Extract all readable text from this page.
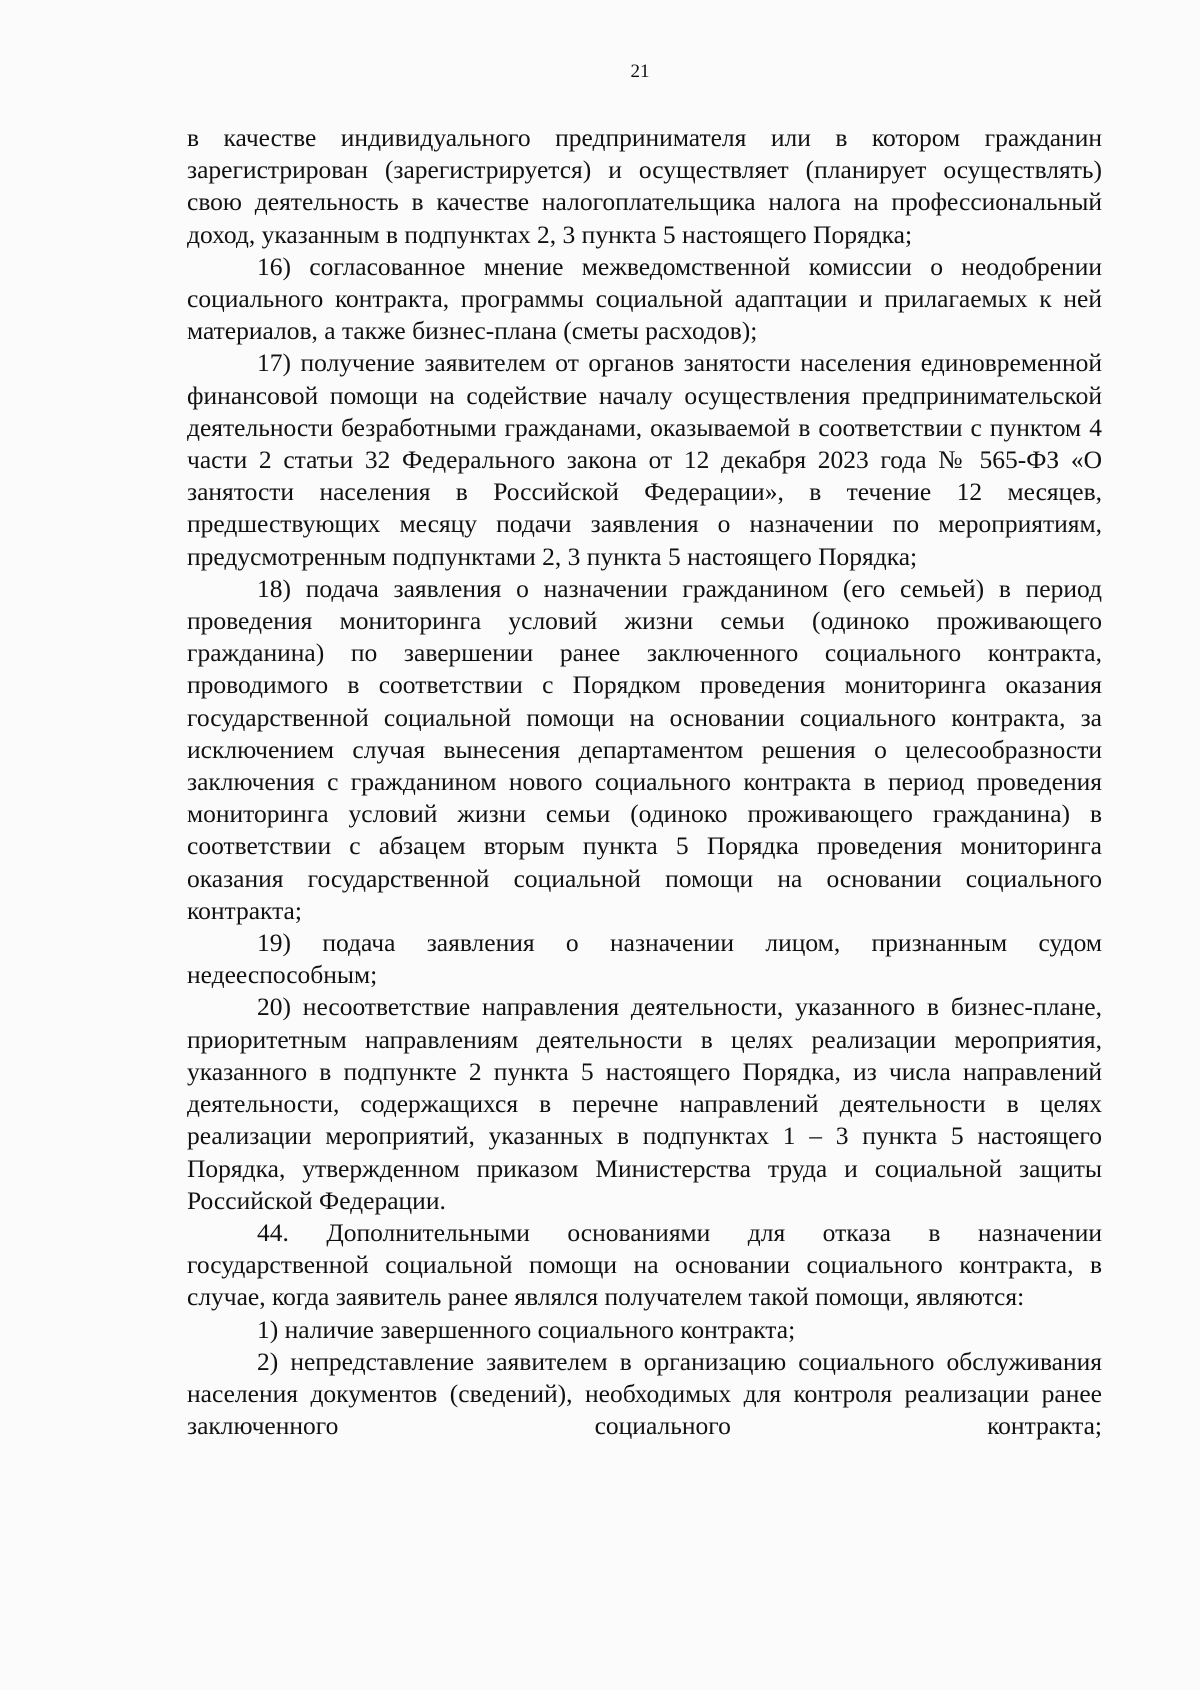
21

в качестве индивидуального предпринимателя или в котором гражданин зарегистрирован (зарегистрируется) и осуществляет (планирует осуществлять) свою деятельность в качестве налогоплательщика налога на профессиональный доход, указанным в подпунктах 2, 3 пункта 5 настоящего Порядка;

16) согласованное мнение межведомственной комиссии о неодобрении социального контракта, программы социальной адаптации и прилагаемых к ней материалов, а также бизнес-плана (сметы расходов);

17) получение заявителем от органов занятости населения единовременной финансовой помощи на содействие началу осуществления предпринимательской деятельности безработными гражданами, оказываемой в соответствии с пунктом 4 части 2 статьи 32 Федерального закона от 12 декабря 2023 года № 565-ФЗ «О занятости населения в Российской Федерации», в течение 12 месяцев, предшествующих месяцу подачи заявления о назначении по мероприятиям, предусмотренным подпунктами 2, 3 пункта 5 настоящего Порядка;

18) подача заявления о назначении гражданином (его семьей) в период проведения мониторинга условий жизни семьи (одиноко проживающего гражданина) по завершении ранее заключенного социального контракта, проводимого в соответствии с Порядком проведения мониторинга оказания государственной социальной помощи на основании социального контракта, за исключением случая вынесения департаментом решения о целесообразности заключения с гражданином нового социального контракта в период проведения мониторинга условий жизни семьи (одиноко проживающего гражданина) в соответствии с абзацем вторым пункта 5 Порядка проведения мониторинга оказания государственной социальной помощи на основании социального контракта;

19) подача заявления о назначении лицом, признанным судом недееспособным;

20) несоответствие направления деятельности, указанного в бизнес-плане, приоритетным направлениям деятельности в целях реализации мероприятия, указанного в подпункте 2 пункта 5 настоящего Порядка, из числа направлений деятельности, содержащихся в перечне направлений деятельности в целях реализации мероприятий, указанных в подпунктах 1 – 3 пункта 5 настоящего Порядка, утвержденном приказом Министерства труда и социальной защиты Российской Федерации.

44. Дополнительными основаниями для отказа в назначении государственной социальной помощи на основании социального контракта, в случае, когда заявитель ранее являлся получателем такой помощи, являются:

1) наличие завершенного социального контракта;

2) непредставление заявителем в организацию социального обслуживания населения документов (сведений), необходимых для контроля реализации ранее заключенного социального контракта;
